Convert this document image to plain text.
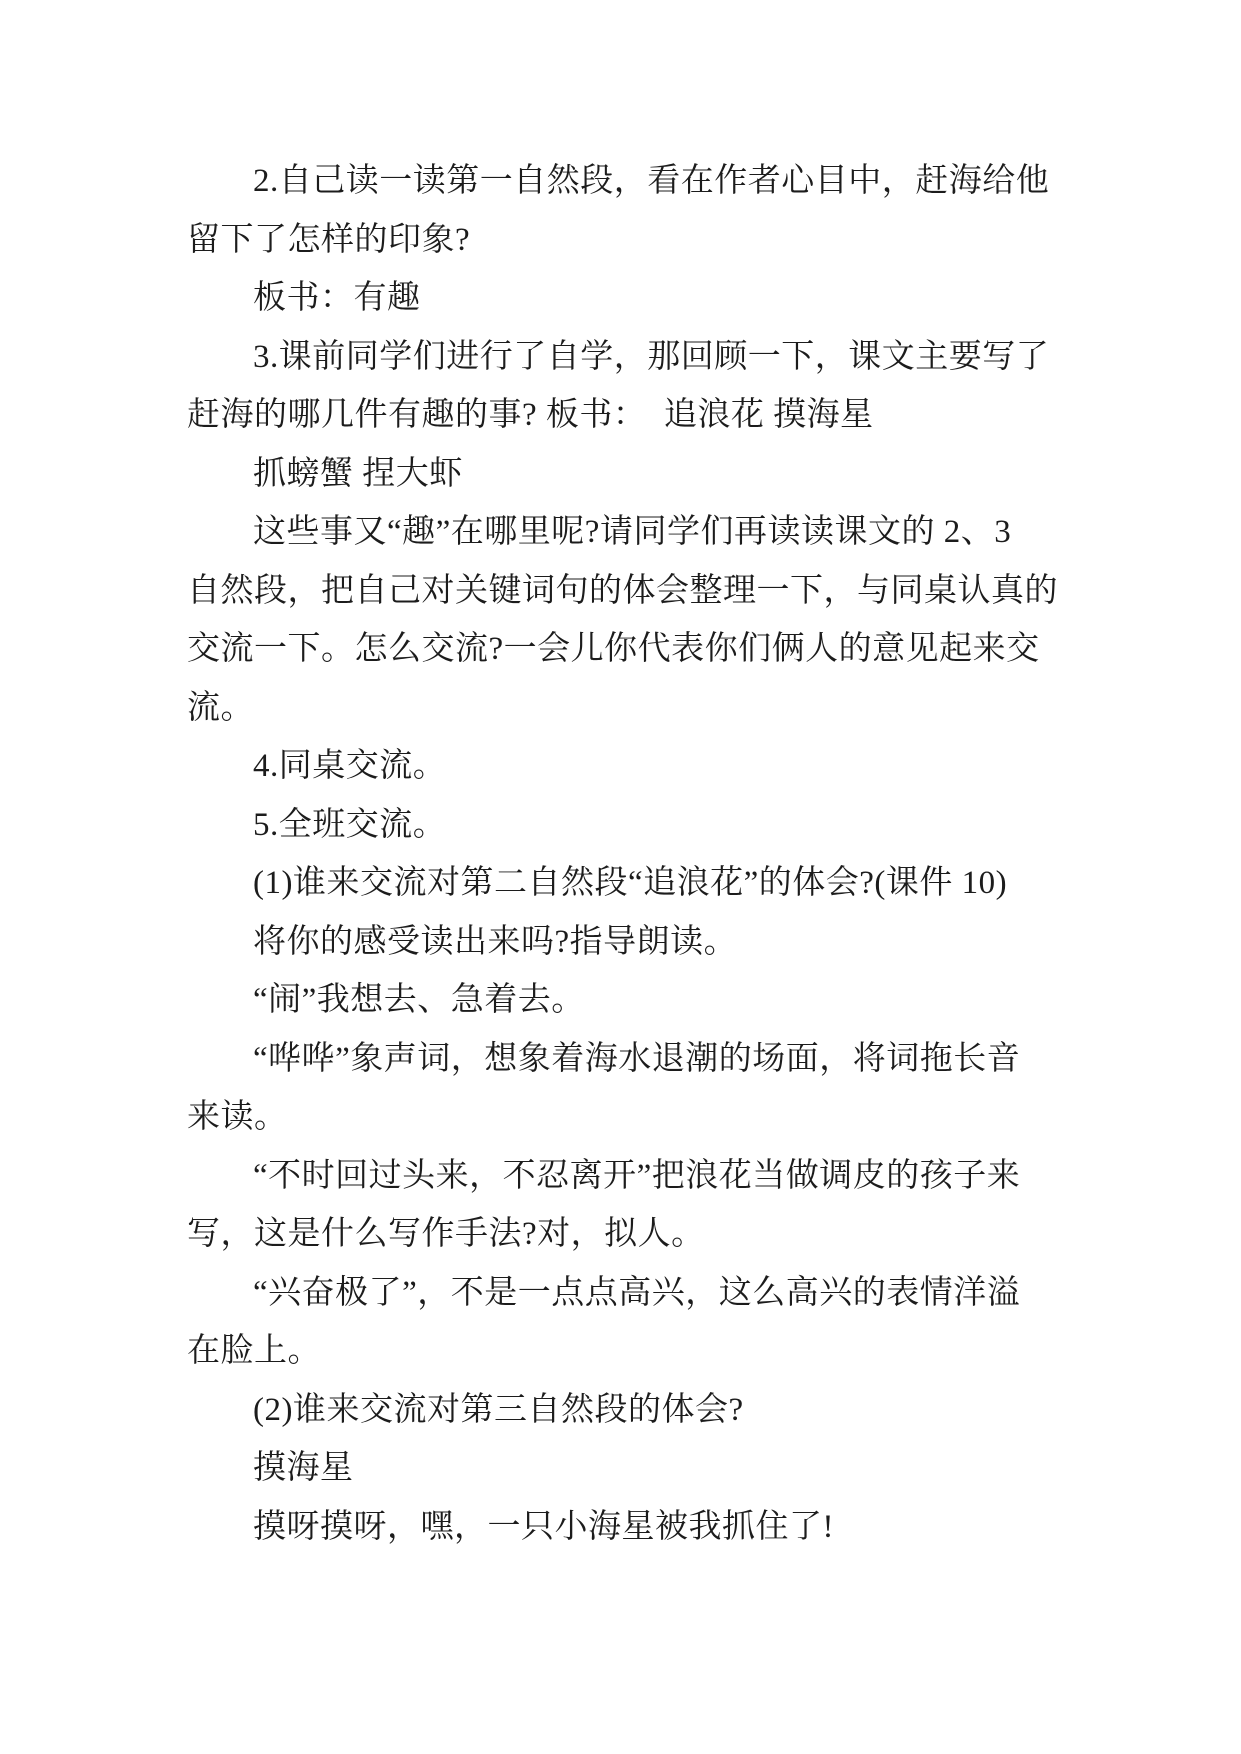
2.自己读一读第一自然段，看在作者心目中，赶海给他
留下了怎样的印象?
板书：有趣
3.课前同学们进行了自学，那回顾一下，课文主要写了
赶海的哪几件有趣的事? 板书：  追浪花 摸海星
抓螃蟹 捏大虾
这些事又“趣”在哪里呢?请同学们再读读课文的 2、3
自然段，把自己对关键词句的体会整理一下，与同桌认真的
交流一下。怎么交流?一会儿你代表你们俩人的意见起来交
流。
4.同桌交流。
5.全班交流。
(1)谁来交流对第二自然段“追浪花”的体会?(课件 10)
将你的感受读出来吗?指导朗读。
“闹”我想去、急着去。
“哗哗”象声词，想象着海水退潮的场面，将词拖长音
来读。
“不时回过头来，不忍离开”把浪花当做调皮的孩子来
写，这是什么写作手法?对，拟人。
“兴奋极了”，不是一点点高兴，这么高兴的表情洋溢
在脸上。
(2)谁来交流对第三自然段的体会?
摸海星
摸呀摸呀，嘿，一只小海星被我抓住了!
